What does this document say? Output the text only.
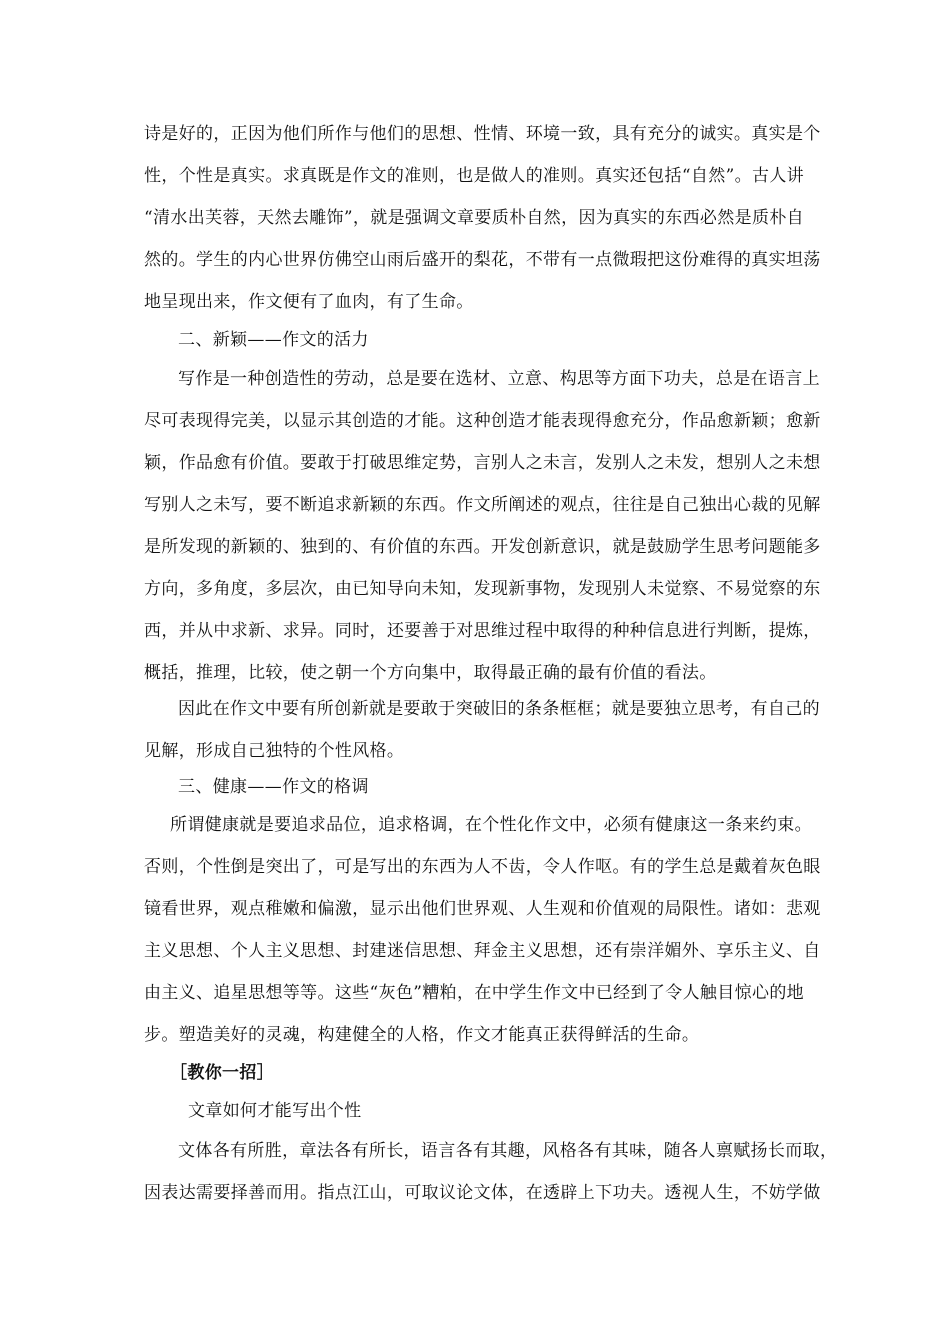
诗是好的，正因为他们所作与他们的思想、性情、环境一致，具有充分的诚实。真实是个
性，个性是真实。求真既是作文的准则，也是做人的准则。真实还包括“自然”。古人讲
“清水出芙蓉，天然去雕饰”，就是强调文章要质朴自然，因为真实的东西必然是质朴自
然的。学生的内心世界仿佛空山雨后盛开的梨花，不带有一点微瑕把这份难得的真实坦荡
地呈现出来，作文便有了血肉，有了生命。
二、新颖——作文的活力
写作是一种创造性的劳动，总是要在选材、立意、构思等方面下功夫，总是在语言上
尽可表现得完美，以显示其创造的才能。这种创造才能表现得愈充分，作品愈新颖；愈新
颖，作品愈有价值。要敢于打破思维定势，言别人之未言，发别人之未发，想别人之未想
写别人之未写，要不断追求新颖的东西。作文所阐述的观点，往往是自己独出心裁的见解
是所发现的新颖的、独到的、有价值的东西。开发创新意识，就是鼓励学生思考问题能多
方向，多角度，多层次，由已知导向未知，发现新事物，发现别人未觉察、不易觉察的东
西，并从中求新、求异。同时，还要善于对思维过程中取得的种种信息进行判断，提炼，
概括，推理，比较，使之朝一个方向集中，取得最正确的最有价值的看法。
因此在作文中要有所创新就是要敢于突破旧的条条框框；就是要独立思考，有自己的
见解，形成自己独特的个性风格。
三、健康——作文的格调
所谓健康就是要追求品位，追求格调，在个性化作文中，必须有健康这一条来约束。
否则，个性倒是突出了，可是写出的东西为人不齿，令人作呕。有的学生总是戴着灰色眼
镜看世界，观点稚嫩和偏激，显示出他们世界观、人生观和价值观的局限性。诸如：悲观
主义思想、个人主义思想、封建迷信思想、拜金主义思想，还有崇洋媚外、享乐主义、自
由主义、追星思想等等。这些“灰色”糟粕，在中学生作文中已经到了令人触目惊心的地
步。塑造美好的灵魂，构建健全的人格，作文才能真正获得鲜活的生命。
［教你一招］
文章如何才能写出个性
文体各有所胜，章法各有所长，语言各有其趣，风格各有其味，随各人禀赋扬长而取，
因表达需要择善而用。指点江山，可取议论文体，在透辟上下功夫。透视人生，不妨学做
